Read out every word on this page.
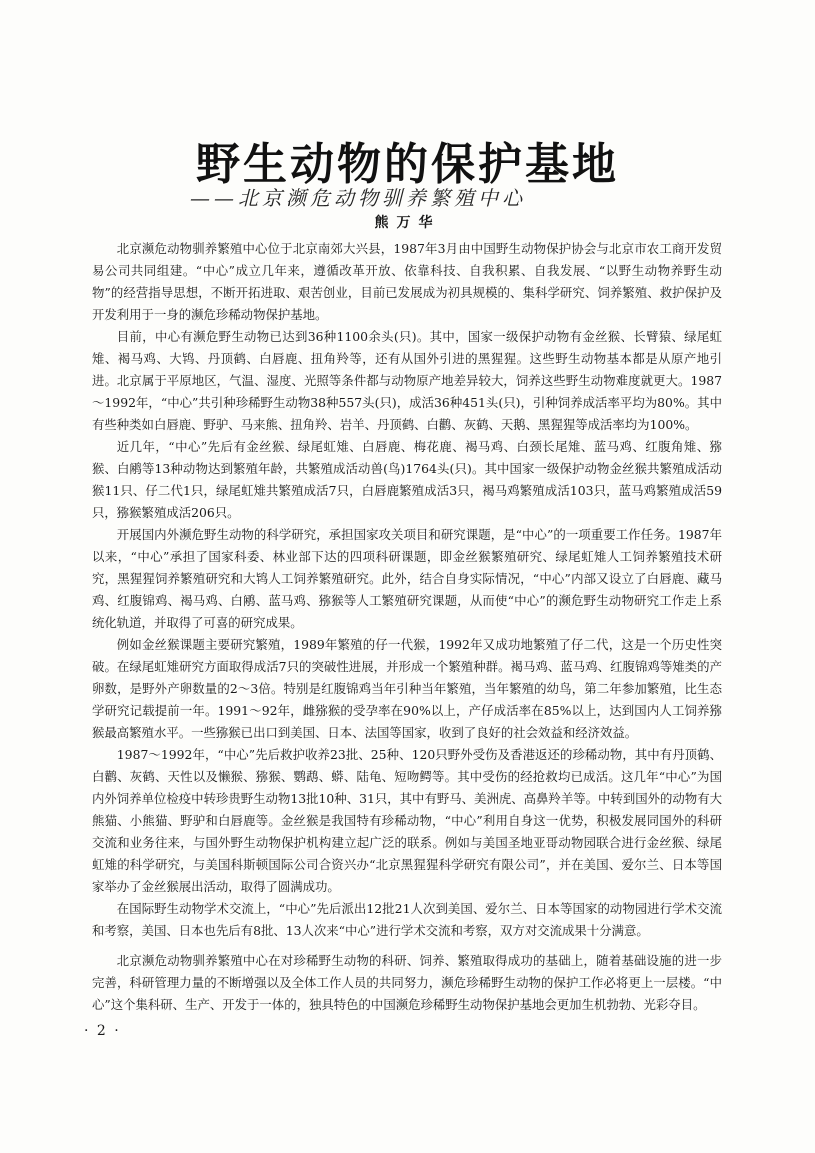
野生动物的保护基地
——北京濒危动物驯养繁殖中心
熊万华

北京濒危动物驯养繁殖中心位于北京南郊大兴县，1987年3月由中国野生动物保护协会与北京市农工商开发贸易公司共同组建。“中心”成立几年来，遵循改革开放、依靠科技、自我积累、自我发展、“以野生动物养野生动物”的经营指导思想，不断开拓进取、艰苦创业，目前已发展成为初具规模的、集科学研究、饲养繁殖、救护保护及开发利用于一身的濒危珍稀动物保护基地。

目前，中心有濒危野生动物已达到36种1100余头(只)。其中，国家一级保护动物有金丝猴、长臂猿、绿尾虹雉、褐马鸡、大鸨、丹顶鹤、白唇鹿、扭角羚等，还有从国外引进的黑猩猩。这些野生动物基本都是从原产地引进。北京属于平原地区，气温、湿度、光照等条件都与动物原产地差异较大，饲养这些野生动物难度就更大。1987～1992年，“中心”共引种珍稀野生动物38种557头(只)，成活36种451头(只)，引种饲养成活率平均为80%。其中有些种类如白唇鹿、野驴、马来熊、扭角羚、岩羊、丹顶鹤、白鹳、灰鹤、天鹅、黑猩猩等成活率均为100%。

近几年，“中心”先后有金丝猴、绿尾虹雉、白唇鹿、梅花鹿、褐马鸡、白颈长尾雉、蓝马鸡、红腹角雉、猕猴、白鹇等13种动物达到繁殖年龄，共繁殖成活动兽(鸟)1764头(只)。其中国家一级保护动物金丝猴共繁殖成活动猴11只、仔二代1只，绿尾虹雉共繁殖成活7只，白唇鹿繁殖成活3只，褐马鸡繁殖成活103只，蓝马鸡繁殖成活59只，猕猴繁殖成活206只。

开展国内外濒危野生动物的科学研究，承担国家攻关项目和研究课题，是“中心”的一项重要工作任务。1987年以来，“中心”承担了国家科委、林业部下达的四项科研课题，即金丝猴繁殖研究、绿尾虹雉人工饲养繁殖技术研究，黑猩猩饲养繁殖研究和大鸨人工饲养繁殖研究。此外，结合自身实际情况，“中心”内部又设立了白唇鹿、藏马鸡、红腹锦鸡、褐马鸡、白鹇、蓝马鸡、猕猴等人工繁殖研究课题，从而使“中心”的濒危野生动物研究工作走上系统化轨道，并取得了可喜的研究成果。

例如金丝猴课题主要研究繁殖，1989年繁殖的仔一代猴，1992年又成功地繁殖了仔二代，这是一个历史性突破。在绿尾虹雉研究方面取得成活7只的突破性进展，并形成一个繁殖种群。褐马鸡、蓝马鸡、红腹锦鸡等雉类的产卵数，是野外产卵数量的2～3倍。特别是红腹锦鸡当年引种当年繁殖，当年繁殖的幼鸟，第二年参加繁殖，比生态学研究记载提前一年。1991～92年，雌猕猴的受孕率在90%以上，产仔成活率在85%以上，达到国内人工饲养猕猴最高繁殖水平。一些猕猴已出口到美国、日本、法国等国家，收到了良好的社会效益和经济效益。

1987～1992年，“中心”先后救护收养23批、25种、120只野外受伤及香港返还的珍稀动物，其中有丹顶鹤、白鹳、灰鹤、天性以及懒猴、猕猴、鹦鹉、蟒、陆龟、短吻鳄等。其中受伤的经抢救均已成活。这几年“中心”为国内外饲养单位检疫中转珍贵野生动物13批10种、31只，其中有野马、美洲虎、高鼻羚羊等。中转到国外的动物有大熊猫、小熊猫、野驴和白唇鹿等。金丝猴是我国特有珍稀动物，“中心”利用自身这一优势，积极发展同国外的科研交流和业务往来，与国外野生动物保护机构建立起广泛的联系。例如与美国圣地亚哥动物园联合进行金丝猴、绿尾虹雉的科学研究，与美国科斯顿国际公司合资兴办“北京黑猩猩科学研究有限公司”，并在美国、爱尔兰、日本等国家举办了金丝猴展出活动，取得了圆满成功。

在国际野生动物学术交流上，“中心”先后派出12批21人次到美国、爱尔兰、日本等国家的动物园进行学术交流和考察，美国、日本也先后有8批、13人次来“中心”进行学术交流和考察，双方对交流成果十分满意。

北京濒危动物驯养繁殖中心在对珍稀野生动物的科研、饲养、繁殖取得成功的基础上，随着基础设施的进一步完善，科研管理力量的不断增强以及全体工作人员的共同努力，濒危珍稀野生动物的保护工作必将更上一层楼。“中心”这个集科研、生产、开发于一体的，独具特色的中国濒危珍稀野生动物保护基地会更加生机勃勃、光彩夺目。

· 2 ·
